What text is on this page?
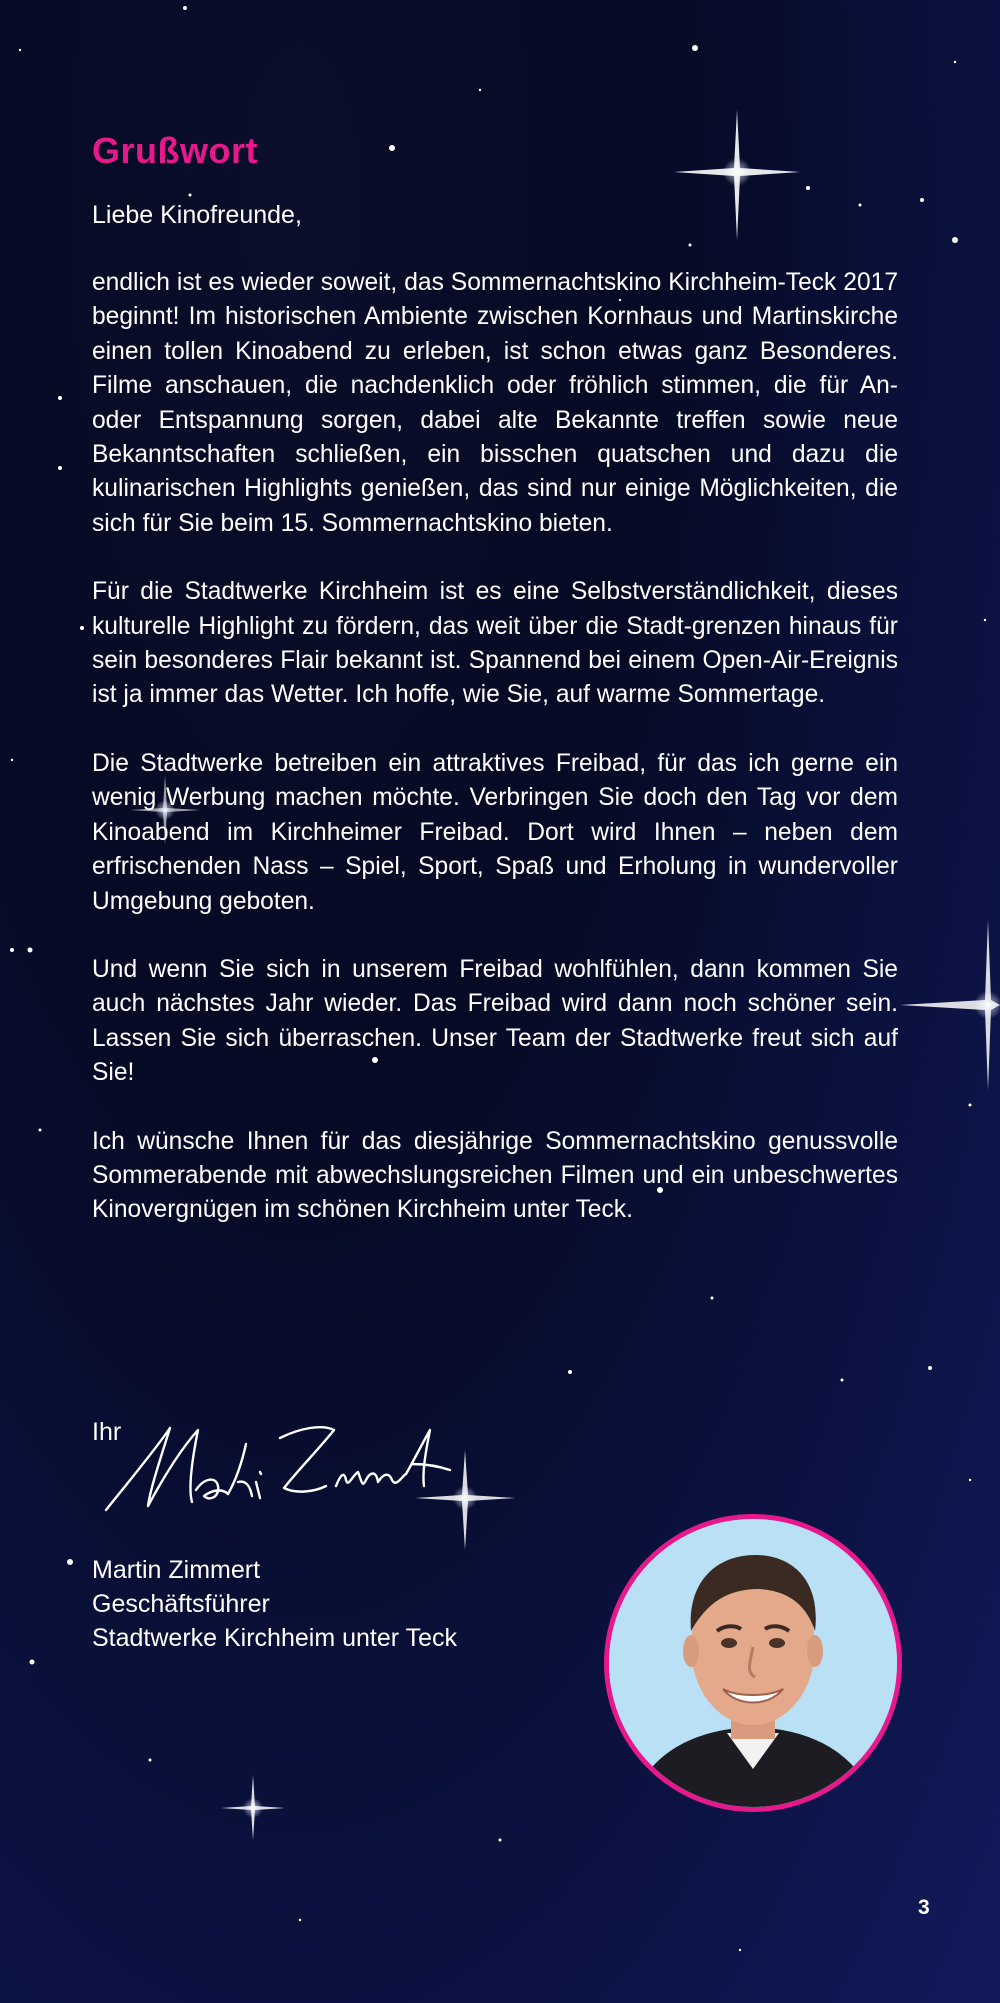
Grußwort

Liebe Kinofreunde,

endlich ist es wieder soweit, das Sommernachtskino Kirchheim-Teck 2017 beginnt! Im historischen Ambiente zwischen Kornhaus und Martinskirche einen tollen Kinoabend zu erleben, ist schon etwas ganz Besonderes. Filme anschauen, die nachdenklich oder fröhlich stimmen, die für An- oder Entspannung sorgen, dabei alte Bekannte treffen sowie neue Bekanntschaften schließen, ein bisschen quatschen und dazu die kulinarischen Highlights genießen, das sind nur einige Möglichkeiten, die sich für Sie beim 15. Sommernachtskino bieten.

Für die Stadtwerke Kirchheim ist es eine Selbstverständlichkeit, dieses kulturelle Highlight zu fördern, das weit über die Stadt-grenzen hinaus für sein besonderes Flair bekannt ist. Spannend bei einem Open-Air-Ereignis ist ja immer das Wetter. Ich hoffe, wie Sie, auf warme Sommertage.

Die Stadtwerke betreiben ein attraktives Freibad, für das ich gerne ein wenig Werbung machen möchte. Verbringen Sie doch den Tag vor dem Kinoabend im Kirchheimer Freibad. Dort wird Ihnen – neben dem erfrischenden Nass – Spiel, Sport, Spaß und Erholung in wundervoller Umgebung geboten.

Und wenn Sie sich in unserem Freibad wohlfühlen, dann kommen Sie auch nächstes Jahr wieder. Das Freibad wird dann noch schöner sein. Lassen Sie sich überraschen. Unser Team der Stadtwerke freut sich auf Sie!

Ich wünsche Ihnen für das diesjährige Sommernachtskino genussvolle Sommerabende mit abwechslungsreichen Filmen und ein unbeschwertes Kinovergnügen im schönen Kirchheim unter Teck.

Ihr
Martin Zimmert
Geschäftsführer
Stadtwerke Kirchheim unter Teck
3
